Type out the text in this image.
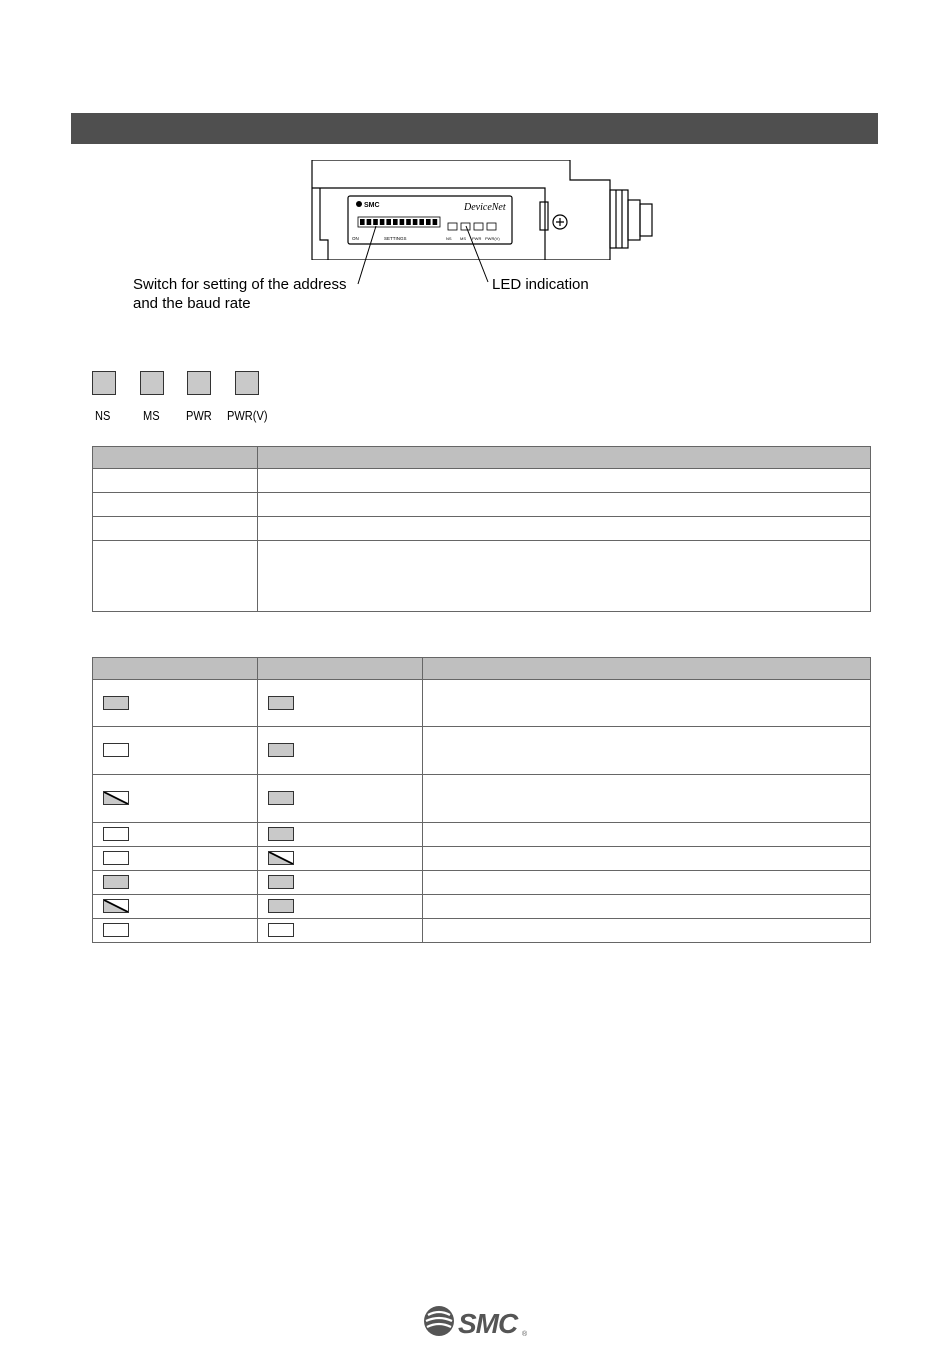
SMC	DeviceNet
ON	SETTINGS	NS MS PWR PWR(V)
Switch for setting of the address
and the baud rate
LED indication
NS	MS PWR PWR(V)

SMC ®
